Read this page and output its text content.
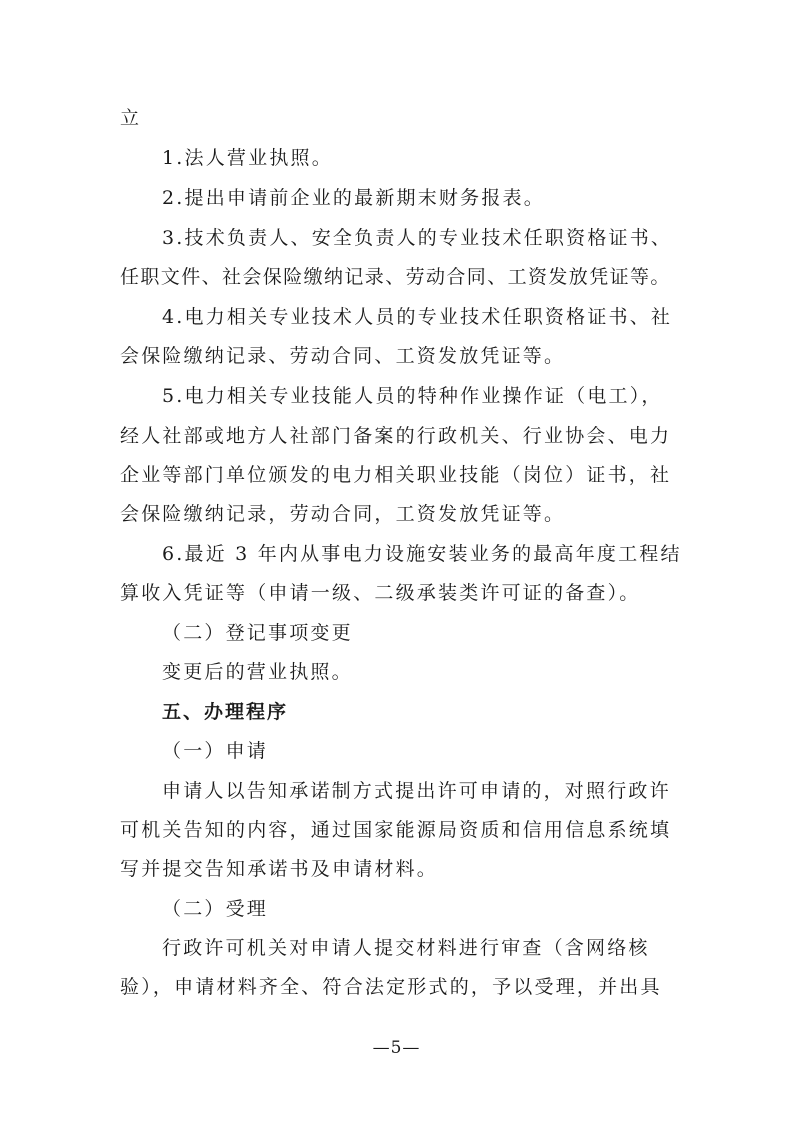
立
1.法人营业执照。
2.提出申请前企业的最新期末财务报表。
3.技术负责人、安全负责人的专业技术任职资格证书、
任职文件、社会保险缴纳记录、劳动合同、工资发放凭证等。
4.电力相关专业技术人员的专业技术任职资格证书、社
会保险缴纳记录、劳动合同、工资发放凭证等。
5.电力相关专业技能人员的特种作业操作证（电工），
经人社部或地方人社部门备案的行政机关、行业协会、电力
企业等部门单位颁发的电力相关职业技能（岗位）证书，社
会保险缴纳记录，劳动合同，工资发放凭证等。
6.最近 3 年内从事电力设施安装业务的最高年度工程结
算收入凭证等（申请一级、二级承装类许可证的备查）。
（二）登记事项变更
变更后的营业执照。
五、办理程序
（一）申请
申请人以告知承诺制方式提出许可申请的，对照行政许
可机关告知的内容，通过国家能源局资质和信用信息系统填
写并提交告知承诺书及申请材料。
（二）受理
行政许可机关对申请人提交材料进行审查（含网络核
验），申请材料齐全、符合法定形式的，予以受理，并出具
—5—
